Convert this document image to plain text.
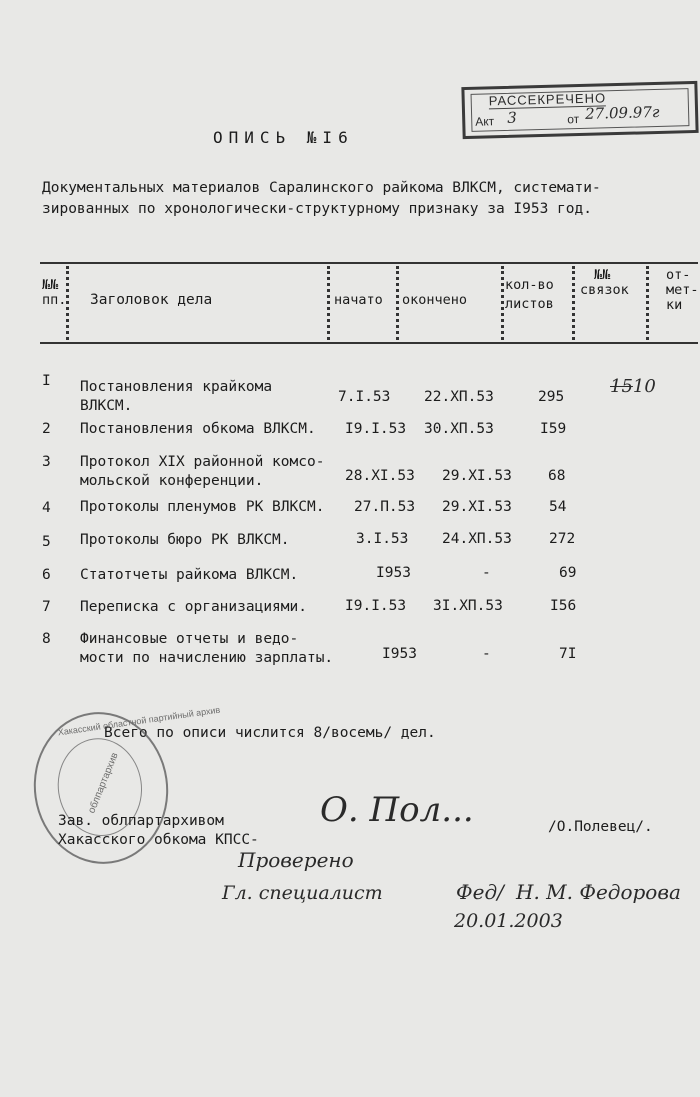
РАССЕКРЕЧЕНО
Акт 3	от 27.09.97г
ОПИСЬ №I6
Документальных материалов Саралинского райкома ВЛКСМ, системати-
зированных по хронологически-структурному признаку за I953 год.
№№
пп. Заголовок дела	начато окончено
кол-во
листов
№№
связок
от-
мет-
ки
I Постановления крайкома
ВЛКСМ.
7.I.53 22.ХП.53	295	1510
2 Постановления обкома ВЛКСМ. I9.I.53 30.ХП.53	I59
3 Протокол XIX районной комсо-
мольской конференции.	28.XI.53 29.XI.53 68
4 Протоколы пленумов РК ВЛКСМ. 27.П.53 29.XI.53	54
5 Протоколы бюро РК ВЛКСМ.	3.I.53 24.ХП.53	272
6 Статотчеты райкома ВЛКСМ.	I953	-	69
7 Переписка с организациями.	I9.I.53 3I.ХП.53	I56
8 Финансовые отчеты и ведо-
мости по начислению зарплаты.	I953	-	7I
Всего по описи числится 8/восемь/ дел.
Хакасский областной партийный архив
облпартархив
Зав. облпартархивом
Хакасского обкома КПСС-
О. Пол...	/О.Полевец/.
Проверено
Гл. специалист	Фед/ Н. М. Федорова
20.01.2003
